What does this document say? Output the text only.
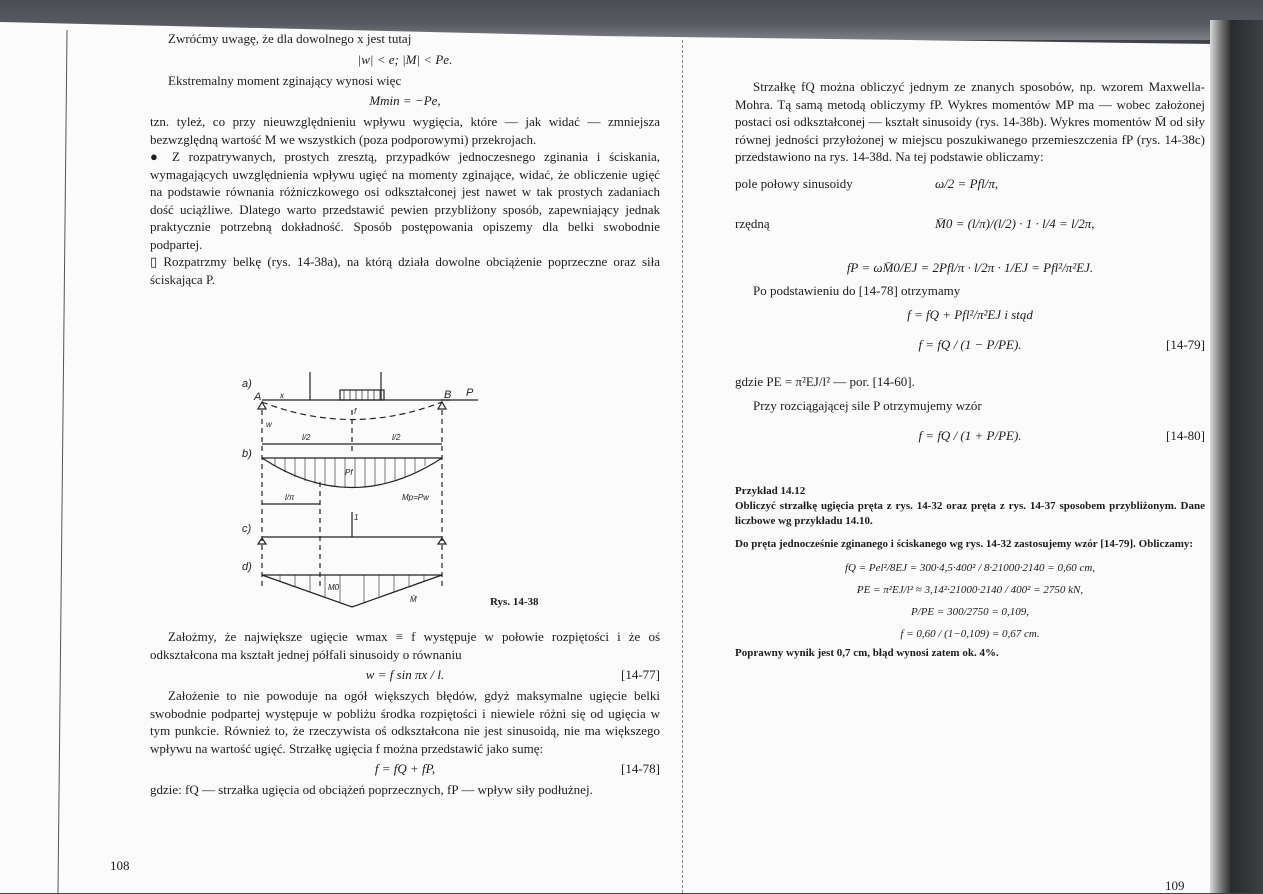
Zwróćmy uwagę, że dla dowolnego x jest tutaj

|w| < e; |M| < Pe.

Ekstremalny moment zginający wynosi więc

Mmin = −Pe,

tzn. tyleż, co przy nieuwzględnieniu wpływu wygięcia, które — jak widać — zmniejsza bezwzględną wartość M we wszystkich (poza podporowymi) przekrojach.

● Z rozpatrywanych, prostych zresztą, przypadków jednoczesnego zginania i ściskania, wymagających uwzględnienia wpływu ugięć na momenty zginające, widać, że obliczenie ugięć na podstawie równania różniczkowego osi odkształconej jest nawet w tak prostych zadaniach dość uciążliwe. Dlatego warto przedstawić pewien przybliżony sposób, zapewniający jednak praktycznie potrzebną dokładność. Sposób postępowania opiszemy dla belki swobodnie podpartej.

▯ Rozpatrzmy belkę (rys. 14-38a), na którą działa dowolne obciążenie poprzeczne oraz siła ściskająca P.

a)
b)
c)
d)
A	B P
x
w
f
l/2	l/2
Pf
Mp=Pw
l/π
1
M0
M̄	Rys. 14-38

Założmy, że największe ugięcie wmax ≡ f występuje w połowie rozpiętości i że oś odkształcona ma kształt jednej półfali sinusoidy o równaniu

w = f sin πx / l.	[14-77]

Założenie to nie powoduje na ogół większych błędów, gdyż maksymalne ugięcie belki swobodnie podpartej występuje w pobliżu środka rozpiętości i niewiele różni się od ugięcia w tym punkcie. Również to, że rzeczywista oś odkształcona nie jest sinusoidą, nie ma większego wpływu na wartość ugięć. Strzałkę ugięcia f można przedstawić jako sumę:

f = fQ + fP,	[14-78]

gdzie: fQ — strzałka ugięcia od obciążeń poprzecznych, fP — wpływ siły podłużnej.

108

Strzałkę fQ można obliczyć jednym ze znanych sposobów, np. wzorem Maxwella-Mohra. Tą samą metodą obliczymy fP. Wykres momentów MP ma — wobec założonej postaci osi odkształconej — kształt sinusoidy (rys. 14-38b). Wykres momentów M̄ od siły równej jedności przyłożonej w miejscu poszukiwanego przemieszczenia fP (rys. 14-38c) przedstawiono na rys. 14-38d. Na tej podstawie obliczamy:

pole połowy sinusoidy	ω/2 = Pfl/π,
rzędną	M̄0 = (l/π)/(l/2) · 1 · l/4 = l/2π,
fP = ωM̄0/EJ = 2Pfl/π · l/2π · 1/EJ = Pfl²/π²EJ.

Po podstawieniu do [14-78] otrzymamy

f = fQ + Pfl²/π²EJ i stąd
f = fQ / (1 − P/PE).	[14-79]

gdzie PE = π²EJ/l² — por. [14-60].

Przy rozciągającej sile P otrzymujemy wzór

f = fQ / (1 + P/PE).	[14-80]

Przykład 14.12

Obliczyć strzałkę ugięcia pręta z rys. 14-32 oraz pręta z rys. 14-37 sposobem przybliżonym. Dane liczbowe wg przykładu 14.10.

Do pręta jednocześnie zginanego i ściskanego wg rys. 14-32 zastosujemy wzór [14-79]. Obliczamy:

fQ = Pel²/8EJ = 300·4,5·400² / 8·21000·2140 = 0,60 cm,
PE = π²EJ/l² ≈ 3,14²·21000·2140 / 400² = 2750 kN,
P/PE = 300/2750 = 0,109,
f = 0,60 / (1−0,109) = 0,67 cm.

Poprawny wynik jest 0,7 cm, błąd wynosi zatem ok. 4%.

109
